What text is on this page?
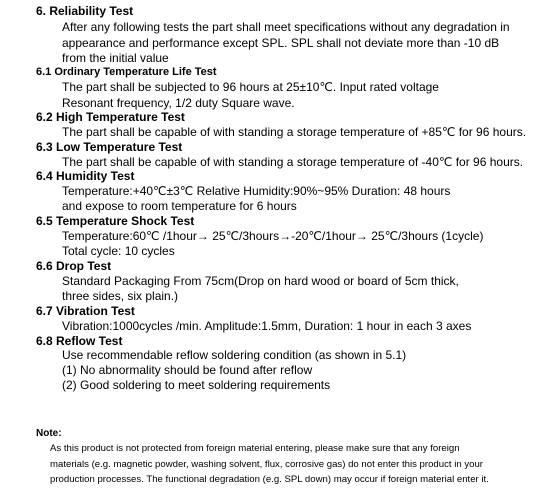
6. Reliability Test
After any following tests the part shall meet specifications without any degradation in
appearance and performance except SPL. SPL shall not deviate more than -10 dB
from the initial value
6.1 Ordinary Temperature Life Test
The part shall be subjected to 96 hours at 25±10℃. Input rated voltage
Resonant frequency, 1/2 duty Square wave.
6.2 High Temperature Test
The part shall be capable of with standing a storage temperature of +85℃ for 96 hours.
6.3 Low Temperature Test
The part shall be capable of with standing a storage temperature of -40℃ for 96 hours.
6.4 Humidity Test
Temperature:+40℃±3℃ Relative Humidity:90%~95% Duration: 48 hours
and expose to room temperature for 6 hours
6.5 Temperature Shock Test
Temperature:60℃ /1hour→ 25℃/3hours→-20℃/1hour→ 25℃/3hours (1cycle)
Total cycle: 10 cycles
6.6 Drop Test
Standard Packaging From 75cm(Drop on hard wood or board of 5cm thick,
three sides, six plain.)
6.7 Vibration Test
Vibration:1000cycles /min. Amplitude:1.5mm, Duration: 1 hour in each 3 axes
6.8 Reflow Test
Use recommendable reflow soldering condition (as shown in 5.1)
(1) No abnormality should be found after reflow
(2) Good soldering to meet soldering requirements
Note:
As this product is not protected from foreign material entering, please make sure that any foreign
materials (e.g. magnetic powder, washing solvent, flux, corrosive gas) do not enter this product in your
production processes. The functional degradation (e.g. SPL down) may occur if foreign material enter it.
